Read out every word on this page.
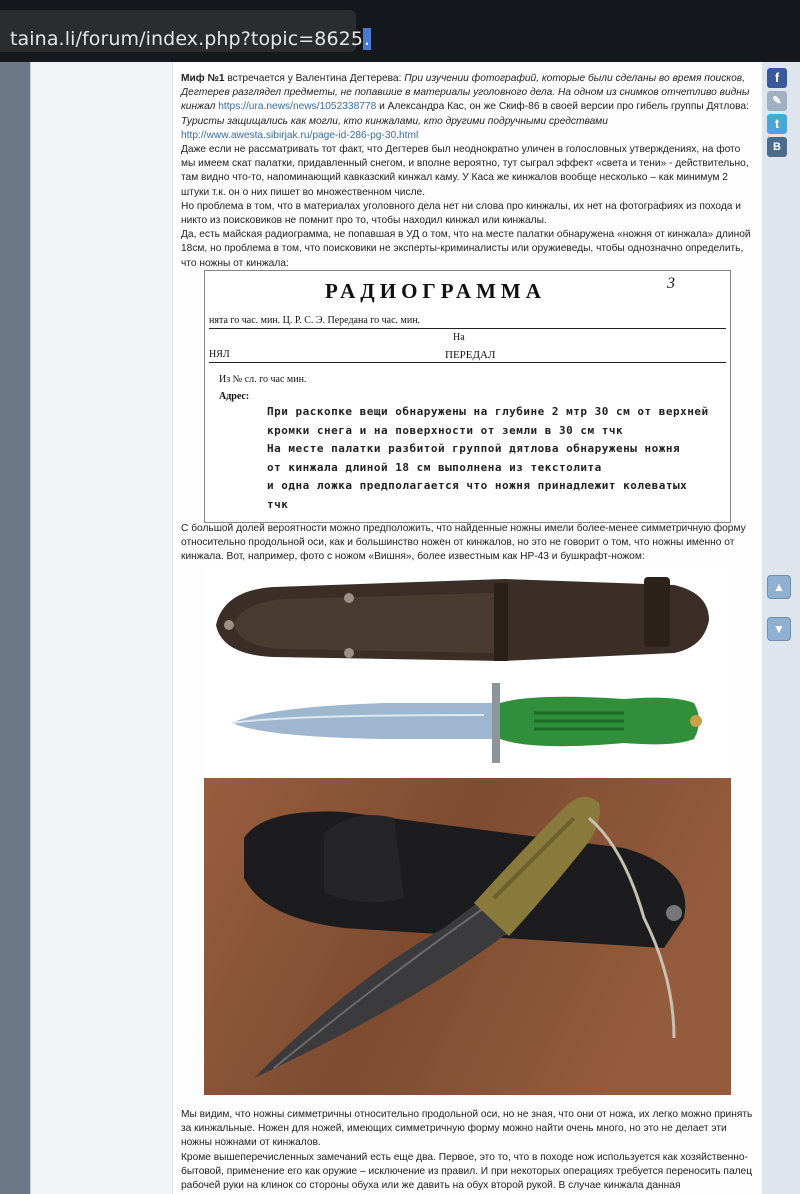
taina.li/forum/index.php?topic=8625.
f
✎
t
B
▲
▼

Миф №1 встречается у Валентина Дегтерева: При изучении фотографий, которые были сделаны во время поисков, Дегтерев разглядел предметы, не попавшие в материалы уголовного дела. На одном из снимков отчетливо видны кинжал https://ura.news/news/1052338778 и Александра Кас, он же Скиф-86 в своей версии про гибель группы Дятлова: Туристы защищались как могли, кто кинжалами, кто другими подручными средствами http://www.awesta.sibirjak.ru/page-id-286-pg-30.html

Даже если не рассматривать тот факт, что Дегтерев был неоднократно уличен в голословных утверждениях, на фото мы имеем скат палатки, придавленный снегом, и вполне вероятно, тут сыграл эффект «света и тени» - действительно, там видно что-то, напоминающий кавказский кинжал каму. У Каса же кинжалов вообще несколько – как минимум 2 штуки т.к. он о них пишет во множественном числе.

Но проблема в том, что в материалах уголовного дела нет ни слова про кинжалы, их нет на фотографиях из похода и никто из поисковиков не помнит про то, чтобы находил кинжал или кинжалы.

Да, есть майская радиограмма, не попавшая в УД о том, что на месте палатки обнаружена «ножня от кинжала» длиной 18см, но проблема в том, что поисковики не эксперты-криминалисты или оружиеведы, чтобы однозначно определить, что ножны от кинжала:

РАДИОГРАММА	3
нята го час. мин. Ц. Р. С. Э. Передана го час. мин.
На
НЯЛ	ПЕРЕДАЛ
Из № сл. го час мин.
Адрес:
При раскопке вещи обнаружены на глубине 2 мтр 30 см от верхней
кромки снега и на поверхности от земли в 30 см тчк
На месте палатки разбитой группой дятлова обнаружены ножня
от кинжала длиной 18 см выполнена из текстолита
и одна ложка предполагается что ножня принадлежит колеватых
тчк

С большой долей вероятности можно предположить, что найденные ножны имели более-менее симметричную форму относительно продольной оси, как и большинство ножен от кинжалов, но это не говорит о том, что ножны именно от кинжала. Вот, например, фото с ножом «Вишня», более известным как НР-43 и бушкрафт-ножом:

Мы видим, что ножны симметричны относительно продольной оси, но не зная, что они от ножа, их легко можно принять за кинжальные. Ножен для ножей, имеющих симметричную форму можно найти очень много, но это не делает эти ножны ножнами от кинжалов.

Кроме вышеперечисленных замечаний есть еще два. Первое, это то, что в походе нож используется как хозяйственно-бытовой, применение его как оружие – исключение из правил. И при некоторых операциях требуется переносить палец рабочей руки на клинок со стороны обуха или же давить на обух второй рукой. В случае кинжала данная
